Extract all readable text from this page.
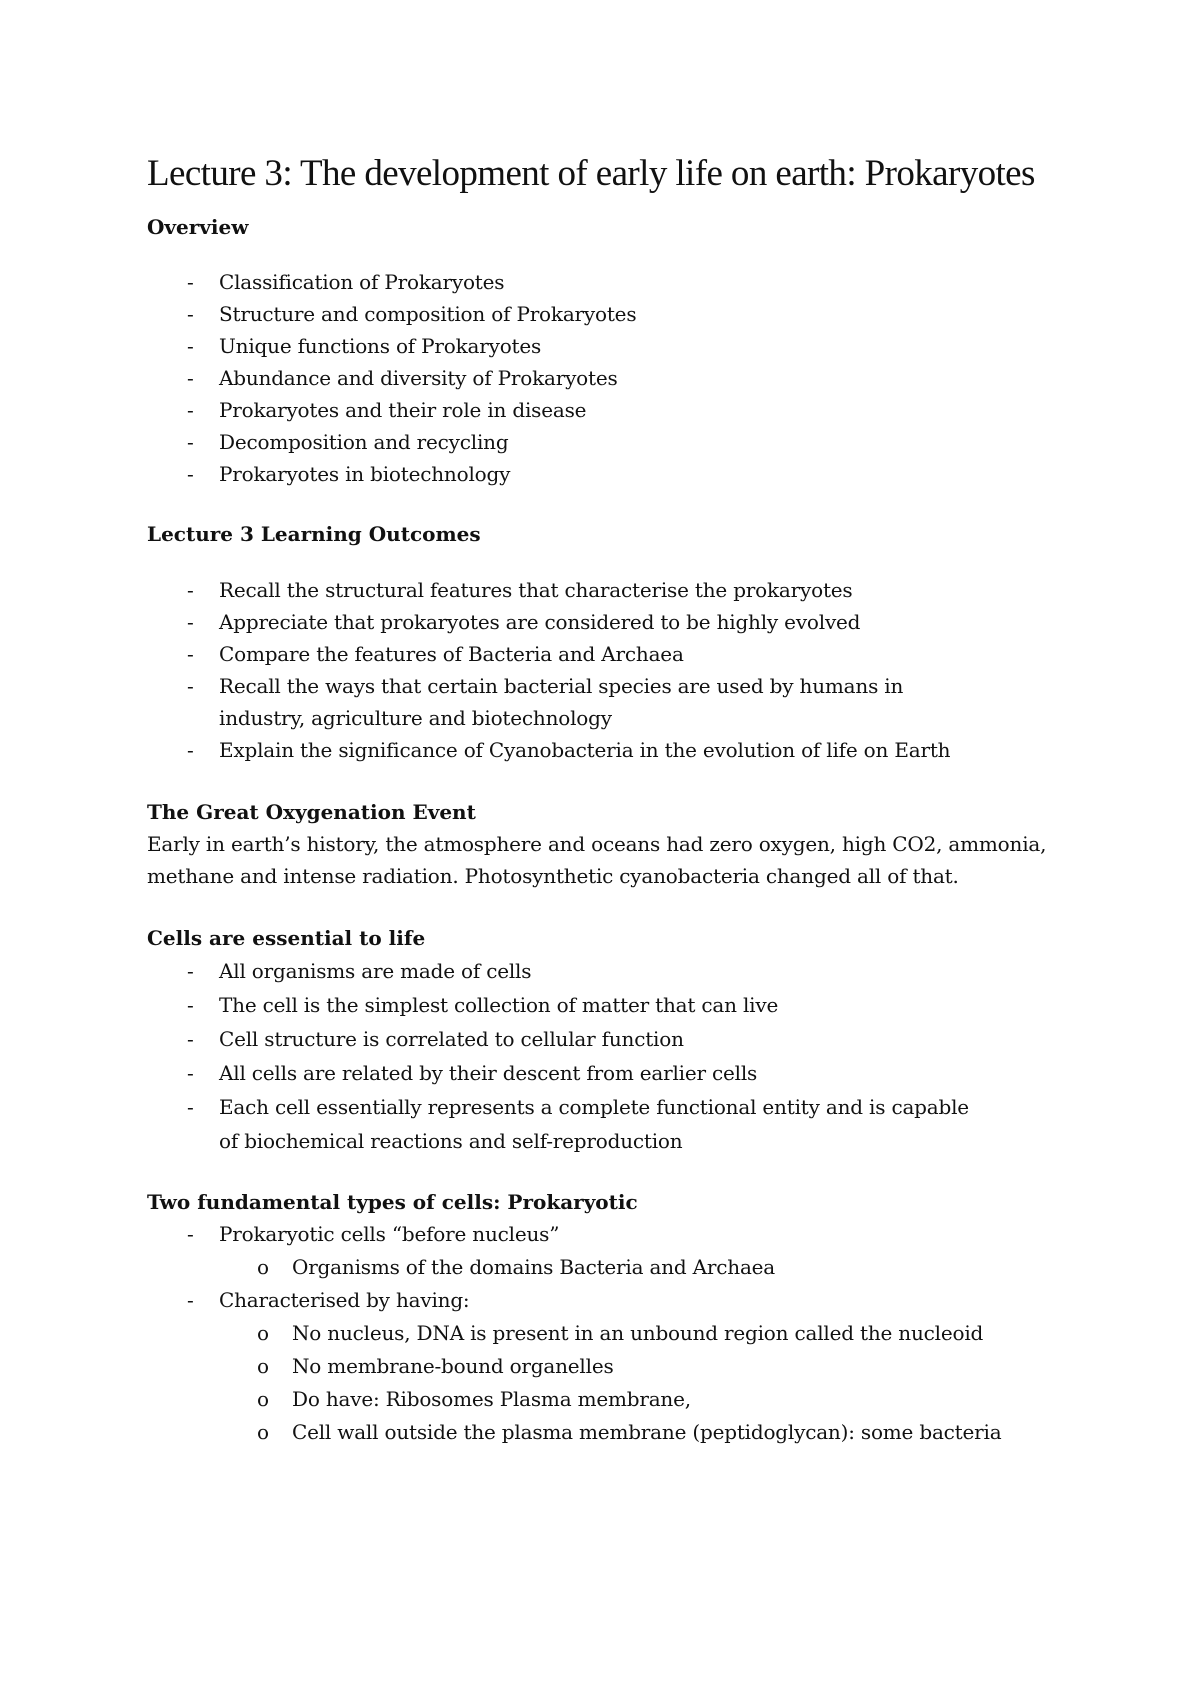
Lecture 3: The development of early life on earth: Prokaryotes
Overview
- Classification of Prokaryotes
- Structure and composition of Prokaryotes
- Unique functions of Prokaryotes
- Abundance and diversity of Prokaryotes
- Prokaryotes and their role in disease
- Decomposition and recycling
- Prokaryotes in biotechnology
Lecture 3 Learning Outcomes
- Recall the structural features that characterise the prokaryotes
- Appreciate that prokaryotes are considered to be highly evolved
- Compare the features of Bacteria and Archaea
- Recall the ways that certain bacterial species are used by humans in industry, agriculture and biotechnology
- Explain the significance of Cyanobacteria in the evolution of life on Earth
The Great Oxygenation Event

Early in earth’s history, the atmosphere and oceans had zero oxygen, high CO2, ammonia, methane and intense radiation. Photosynthetic cyanobacteria changed all of that.

Cells are essential to life
- All organisms are made of cells
- The cell is the simplest collection of matter that can live
- Cell structure is correlated to cellular function
- All cells are related by their descent from earlier cells
- Each cell essentially represents a complete functional entity and is capable of biochemical reactions and self-reproduction
Two fundamental types of cells: Prokaryotic
- Prokaryotic cells “before nucleus”
o Organisms of the domains Bacteria and Archaea
- Characterised by having:
o No nucleus, DNA is present in an unbound region called the nucleoid
o No membrane-bound organelles
o Do have: Ribosomes Plasma membrane,
o Cell wall outside the plasma membrane (peptidoglycan): some bacteria
